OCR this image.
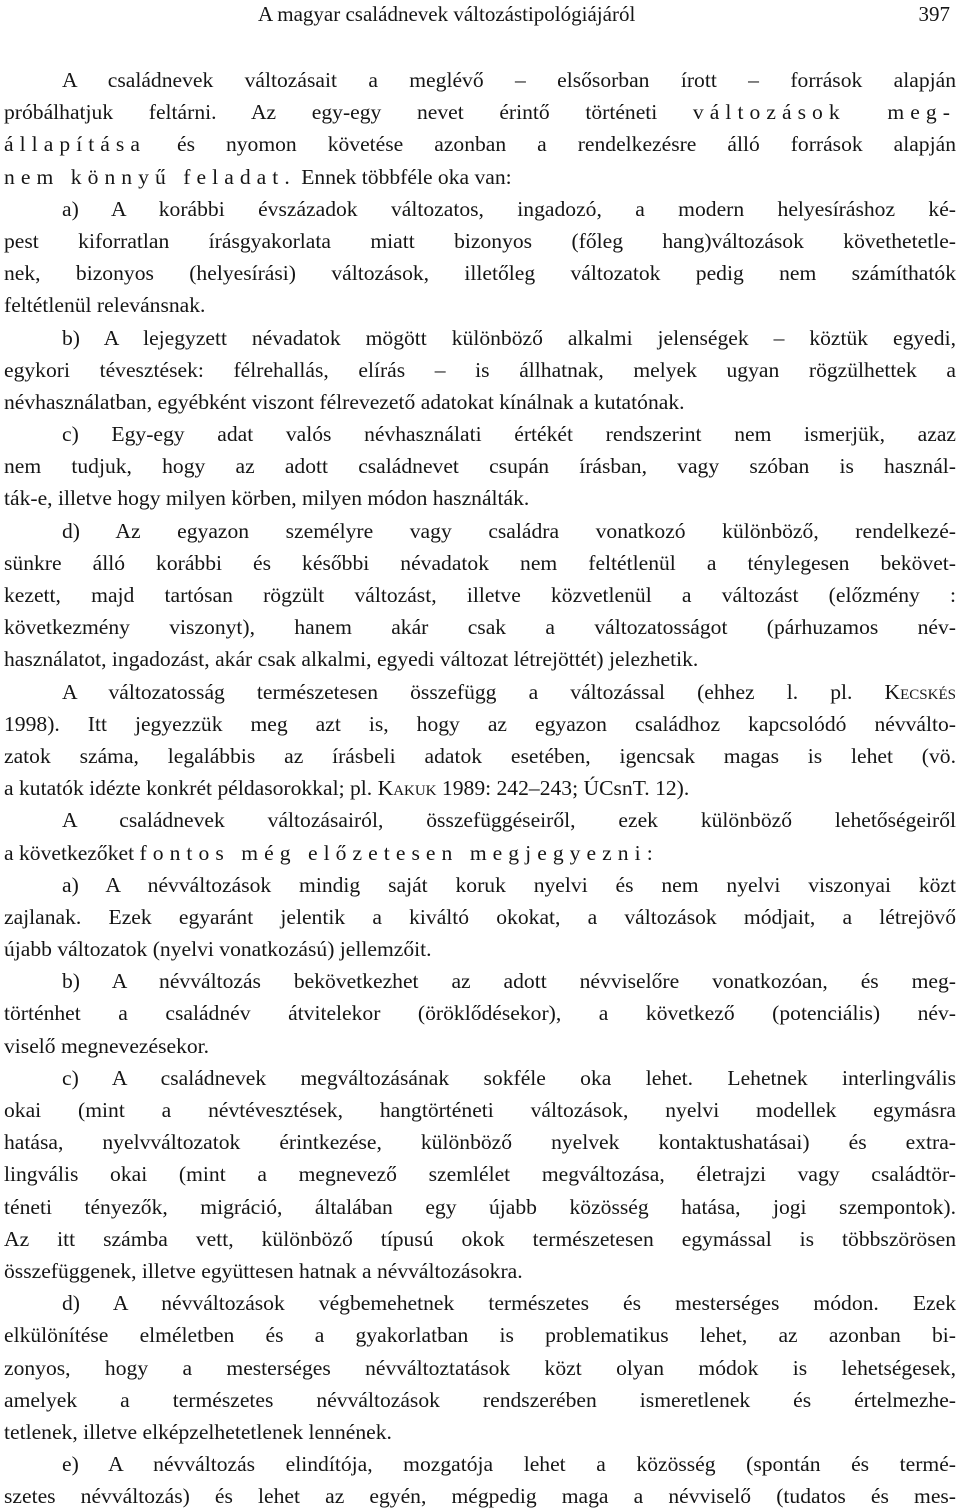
A magyar családnevek változástipológiájáról	397
A családnevek változásait a meglévő – elsősorban írott – források alapján
próbálhatjuk feltárni. Az egy-egy nevet érintő történeti változások meg-
állapítása és nyomon követése azonban a rendelkezésre álló források alapján
nem könnyű feladat. Ennek többféle oka van:
a) A korábbi évszázadok változatos, ingadozó, a modern helyesíráshoz ké-
pest kiforratlan írásgyakorlata miatt bizonyos (főleg hang)változások követhetetle-
nek, bizonyos (helyesírási) változások, illetőleg változatok pedig nem számíthatók
feltétlenül relevánsnak.
b) A lejegyzett névadatok mögött különböző alkalmi jelenségek – köztük egyedi,
egykori tévesztések: félrehallás, elírás – is állhatnak, melyek ugyan rögzülhettek a
névhasználatban, egyébként viszont félrevezető adatokat kínálnak a kutatónak.
c) Egy-egy adat valós névhasználati értékét rendszerint nem ismerjük, azaz
nem tudjuk, hogy az adott családnevet csupán írásban, vagy szóban is használ-
ták-e, illetve hogy milyen körben, milyen módon használták.
d) Az egyazon személyre vagy családra vonatkozó különböző, rendelkezé-
sünkre álló korábbi és későbbi névadatok nem feltétlenül a ténylegesen bekövet-
kezett, majd tartósan rögzült változást, illetve közvetlenül a változást (előzmény :
következmény viszonyt), hanem akár csak a változatosságot (párhuzamos név-
használatot, ingadozást, akár csak alkalmi, egyedi változat létrejöttét) jelezhetik.
A változatosság természetesen összefügg a változással (ehhez l. pl. Kecskés
1998). Itt jegyezzük meg azt is, hogy az egyazon családhoz kapcsolódó névválto-
zatok száma, legalábbis az írásbeli adatok esetében, igencsak magas is lehet (vö.
a kutatók idézte konkrét példasorokkal; pl. Kakuk 1989: 242–243; ÚCsnT. 12).
A családnevek változásairól, összefüggéseiről, ezek különböző lehetőségeiről
a következőket fontos még előzetesen megjegyezni:
a) A névváltozások mindig saját koruk nyelvi és nem nyelvi viszonyai közt
zajlanak. Ezek egyaránt jelentik a kiváltó okokat, a változások módjait, a létrejövő
újabb változatok (nyelvi vonatkozású) jellemzőit.
b) A névváltozás bekövetkezhet az adott névviselőre vonatkozóan, és meg-
történhet a családnév átvitelekor (öröklődésekor), a következő (potenciális) név-
viselő megnevezésekor.
c) A családnevek megváltozásának sokféle oka lehet. Lehetnek interlingvális
okai (mint a névtévesztések, hangtörténeti változások, nyelvi modellek egymásra
hatása, nyelvváltozatok érintkezése, különböző nyelvek kontaktushatásai) és extra-
lingvális okai (mint a megnevező szemlélet megváltozása, életrajzi vagy családtör-
téneti tényezők, migráció, általában egy újabb közösség hatása, jogi szempontok).
Az itt számba vett, különböző típusú okok természetesen egymással is többszörösen
összefüggenek, illetve együttesen hatnak a névváltozásokra.
d) A névváltozások végbemehetnek természetes és mesterséges módon. Ezek
elkülönítése elméletben és a gyakorlatban is problematikus lehet, az azonban bi-
zonyos, hogy a mesterséges névváltoztatások közt olyan módok is lehetségesek,
amelyek a természetes névváltozások rendszerében ismeretlenek és értelmezhe-
tetlenek, illetve elképzelhetetlenek lennének.
e) A névváltozás elindítója, mozgatója lehet a közösség (spontán és termé-
szetes névváltozás) és lehet az egyén, mégpedig maga a névviselő (tudatos és mes-
